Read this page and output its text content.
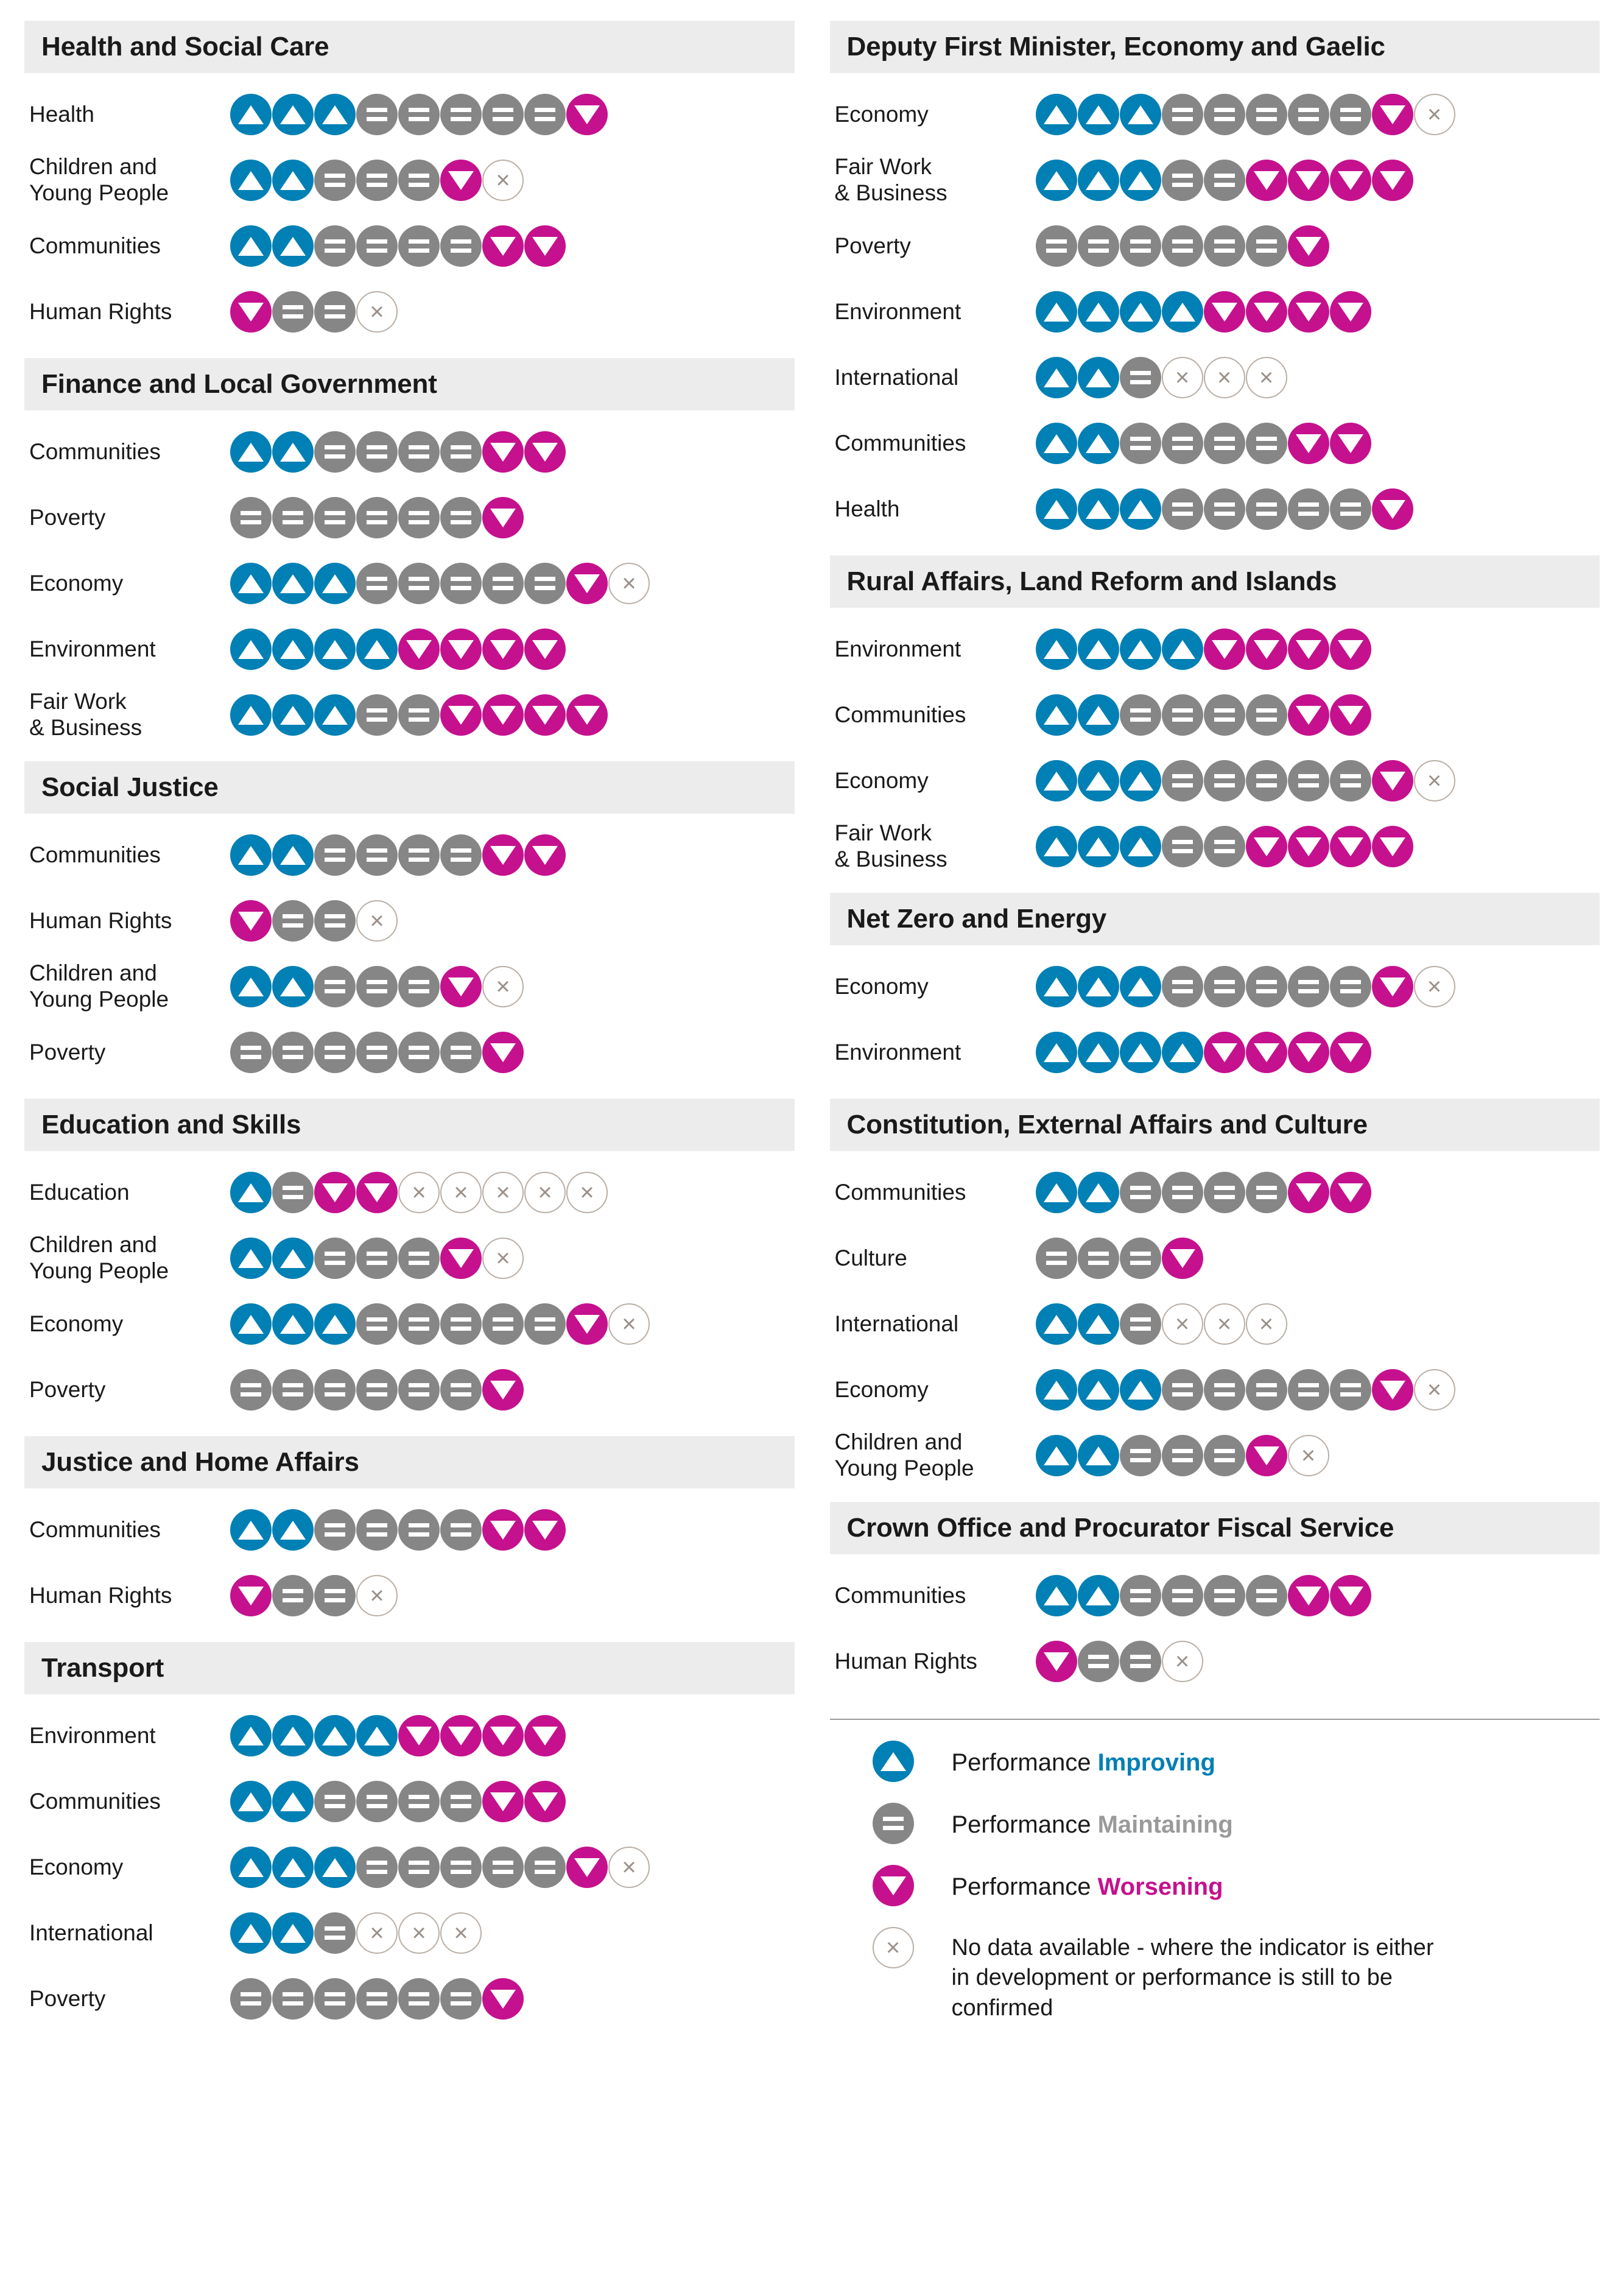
Health and Social Care
Health
Children and
Young People
×
Communities
Human Rights
×
Finance and Local Government
Communities
Poverty
Economy
×
Environment
Fair Work
& Business
Social Justice
Communities
Human Rights
×
Children and
Young People
×
Poverty
Education and Skills
Education
×
×
×
×
×
Children and
Young People
×
Economy
×
Poverty
Justice and Home Affairs
Communities
Human Rights
×
Transport
Environment
Communities
Economy
×
International
×
×
×
Poverty
Deputy First Minister, Economy and Gaelic
Economy
×
Fair Work
& Business
Poverty
Environment
International
×
×
×
Communities
Health
Rural Affairs, Land Reform and Islands
Environment
Communities
Economy
×
Fair Work
& Business
Net Zero and Energy
Economy
×
Environment
Constitution, External Affairs and Culture
Communities
Culture
International
×
×
×
Economy
×
Children and
Young People
×
Crown Office and Procurator Fiscal Service
Communities
Human Rights
×
Performance Improving
Performance Maintaining
Performance Worsening
×
No data available - where the indicator is either in development or performance is still to be confirmed
